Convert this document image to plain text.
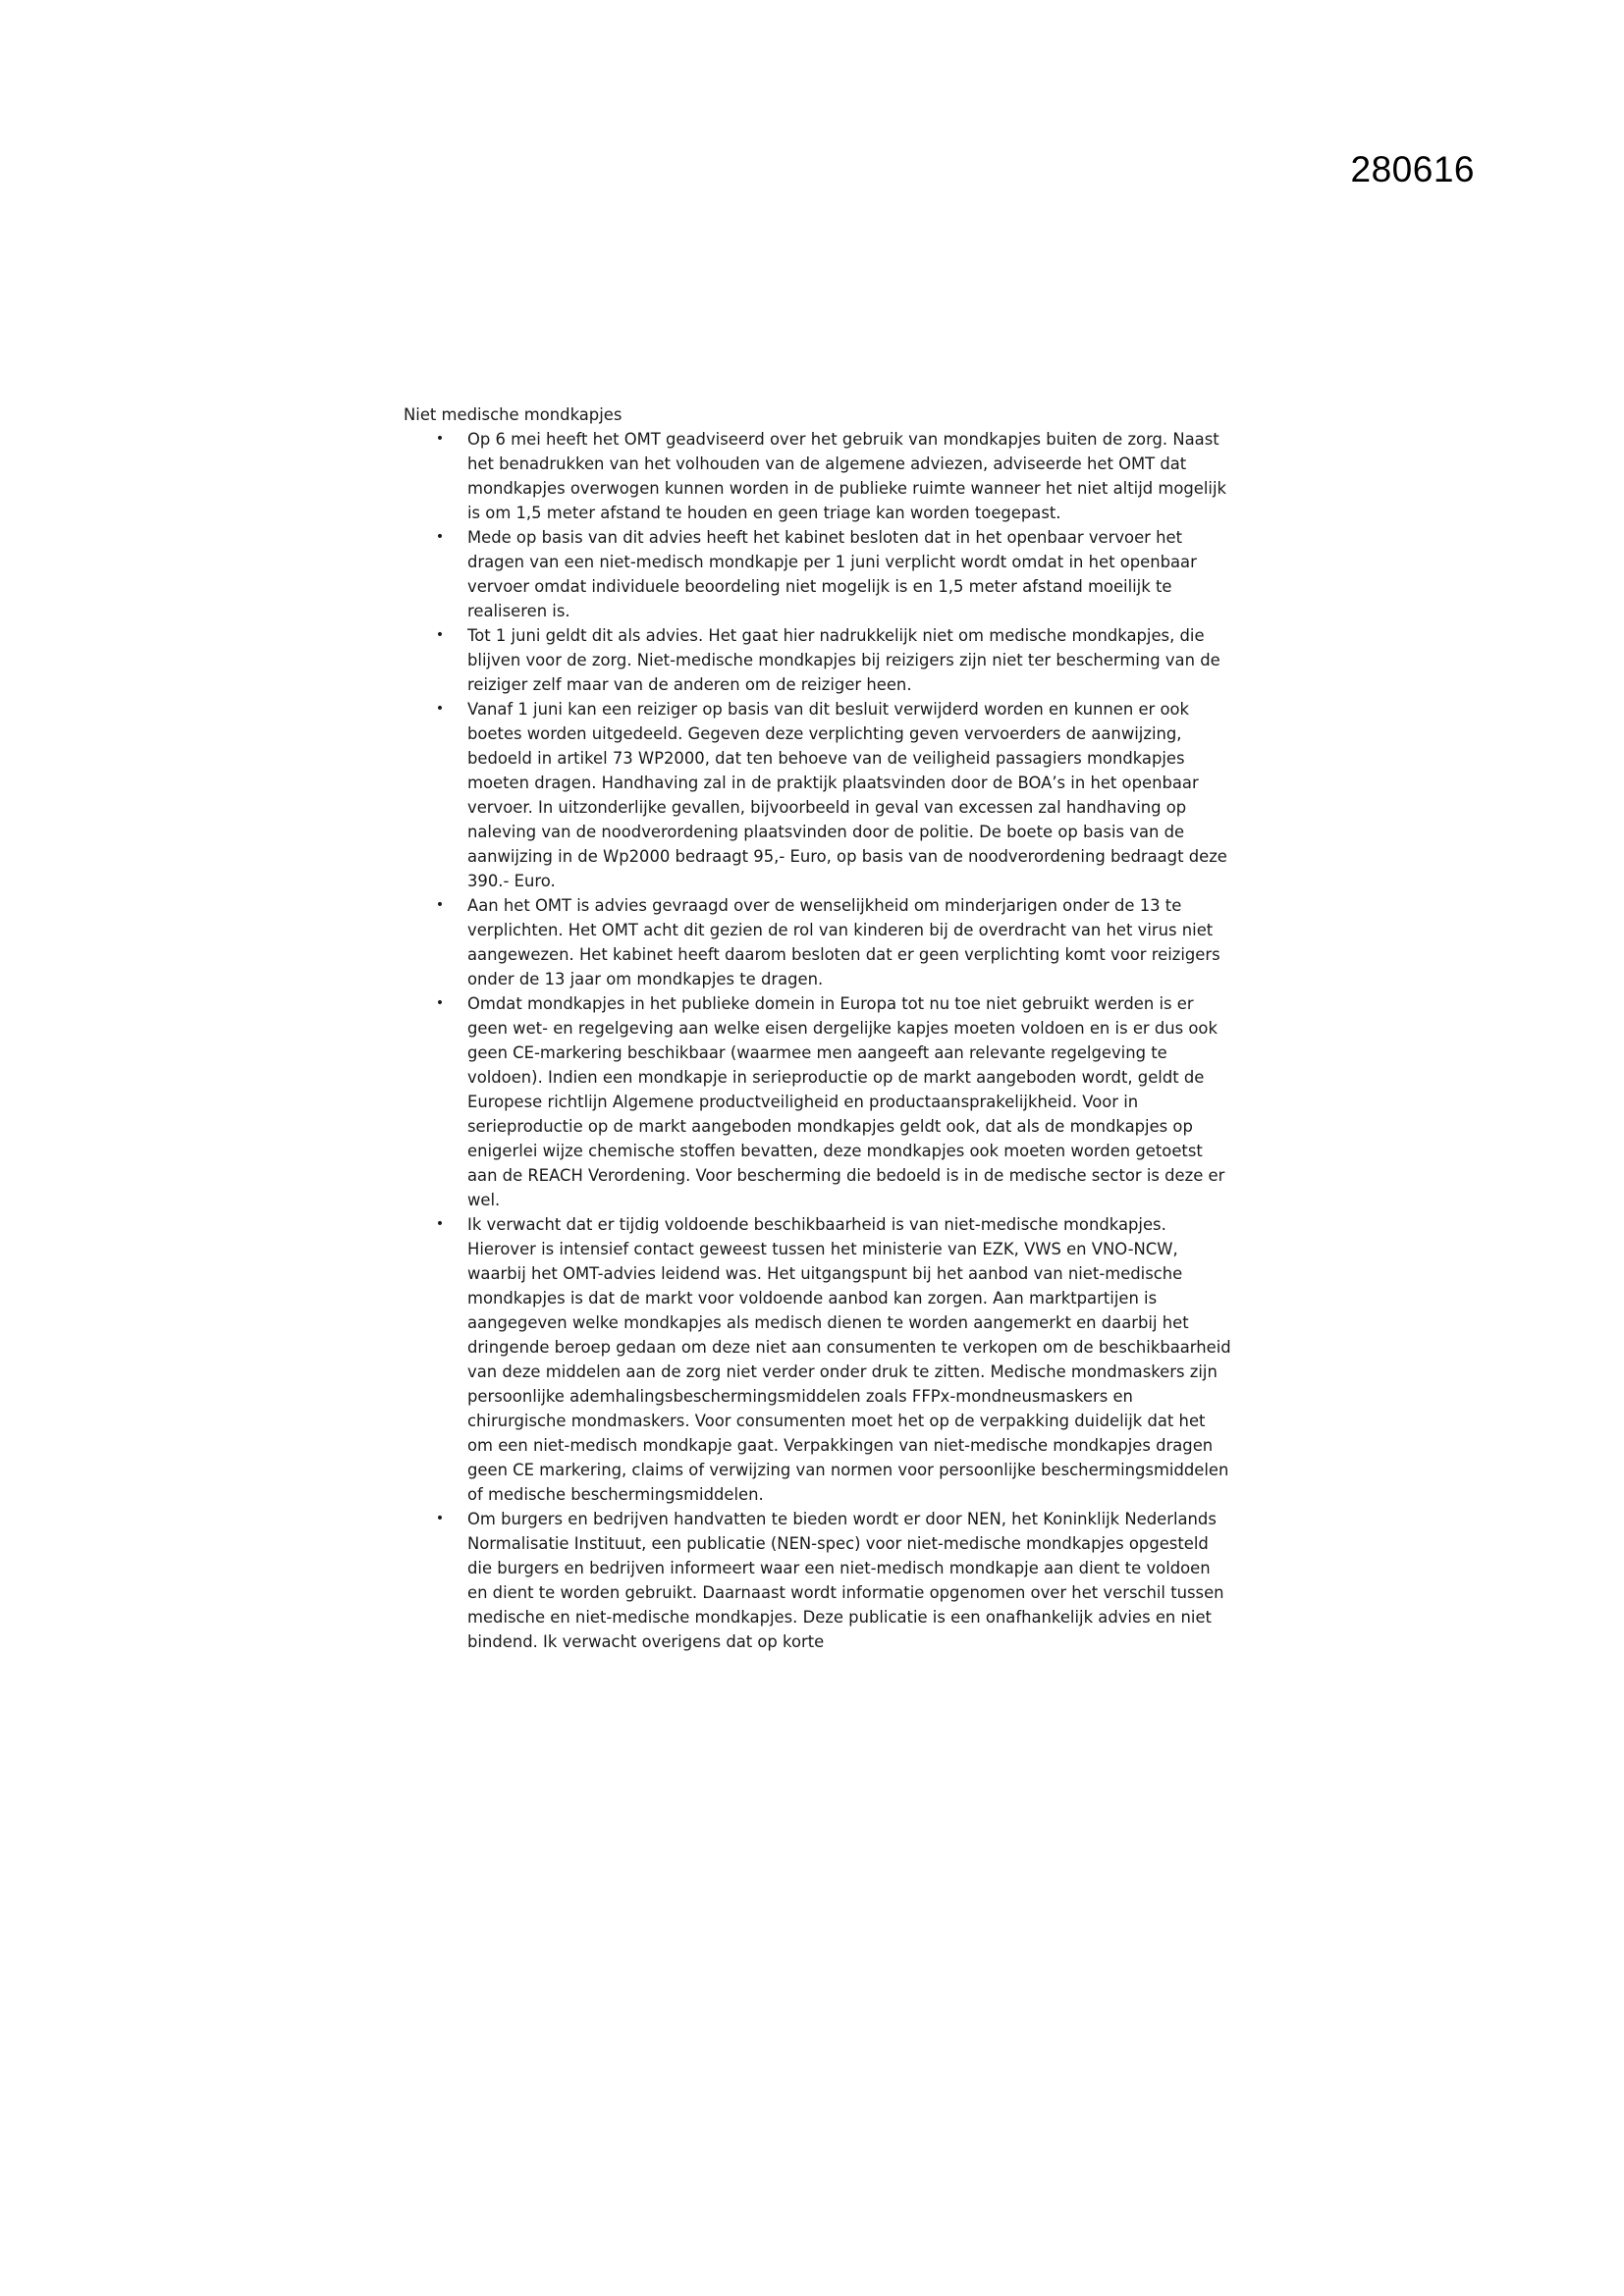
280616
Niet medische mondkapjes
• Op 6 mei heeft het OMT geadviseerd over het gebruik van mondkapjes buiten de zorg. Naast het benadrukken van het volhouden van de algemene adviezen, adviseerde het OMT dat mondkapjes overwogen kunnen worden in de publieke ruimte wanneer het niet altijd mogelijk is om 1,5 meter afstand te houden en geen triage kan worden toegepast.
• Mede op basis van dit advies heeft het kabinet besloten dat in het openbaar vervoer het dragen van een niet-medisch mondkapje per 1 juni verplicht wordt omdat in het openbaar vervoer omdat individuele beoordeling niet mogelijk is en 1,5 meter afstand moeilijk te realiseren is.
• Tot 1 juni geldt dit als advies. Het gaat hier nadrukkelijk niet om medische mondkapjes, die blijven voor de zorg. Niet-medische mondkapjes bij reizigers zijn niet ter bescherming van de reiziger zelf maar van de anderen om de reiziger heen.
• Vanaf 1 juni kan een reiziger op basis van dit besluit verwijderd worden en kunnen er ook boetes worden uitgedeeld. Gegeven deze verplichting geven vervoerders de aanwijzing, bedoeld in artikel 73 WP2000, dat ten behoeve van de veiligheid passagiers mondkapjes moeten dragen. Handhaving zal in de praktijk plaatsvinden door de BOA’s in het openbaar vervoer. In uitzonderlijke gevallen, bijvoorbeeld in geval van excessen zal handhaving op naleving van de noodverordening plaatsvinden door de politie. De boete op basis van de aanwijzing in de Wp2000 bedraagt 95,- Euro, op basis van de noodverordening bedraagt deze 390.- Euro.
• Aan het OMT is advies gevraagd over de wenselijkheid om minderjarigen onder de 13 te verplichten. Het OMT acht dit gezien de rol van kinderen bij de overdracht van het virus niet aangewezen. Het kabinet heeft daarom besloten dat er geen verplichting komt voor reizigers onder de 13 jaar om mondkapjes te dragen.
• Omdat mondkapjes in het publieke domein in Europa tot nu toe niet gebruikt werden is er geen wet- en regelgeving aan welke eisen dergelijke kapjes moeten voldoen en is er dus ook geen CE-markering beschikbaar (waarmee men aangeeft aan relevante regelgeving te voldoen). Indien een mondkapje in serieproductie op de markt aangeboden wordt, geldt de Europese richtlijn Algemene productveiligheid en productaansprakelijkheid. Voor in serieproductie op de markt aangeboden mondkapjes geldt ook, dat als de mondkapjes op enigerlei wijze chemische stoffen bevatten, deze mondkapjes ook moeten worden getoetst aan de REACH Verordening. Voor bescherming die bedoeld is in de medische sector is deze er wel.
• Ik verwacht dat er tijdig voldoende beschikbaarheid is van niet-medische mondkapjes. Hierover is intensief contact geweest tussen het ministerie van EZK, VWS en VNO-NCW, waarbij het OMT-advies leidend was. Het uitgangspunt bij het aanbod van niet-medische mondkapjes is dat de markt voor voldoende aanbod kan zorgen. Aan marktpartijen is aangegeven welke mondkapjes als medisch dienen te worden aangemerkt en daarbij het dringende beroep gedaan om deze niet aan consumenten te verkopen om de beschikbaarheid van deze middelen aan de zorg niet verder onder druk te zitten. Medische mondmaskers zijn persoonlijke ademhalingsbeschermingsmiddelen zoals FFPx-mondneusmaskers en chirurgische mondmaskers. Voor consumenten moet het op de verpakking duidelijk dat het om een niet-medisch mondkapje gaat. Verpakkingen van niet-medische mondkapjes dragen geen CE markering, claims of verwijzing van normen voor persoonlijke beschermingsmiddelen of medische beschermingsmiddelen.
• Om burgers en bedrijven handvatten te bieden wordt er door NEN, het Koninklijk Nederlands Normalisatie Instituut, een publicatie (NEN-spec) voor niet-medische mondkapjes opgesteld die burgers en bedrijven informeert waar een niet-medisch mondkapje aan dient te voldoen en dient te worden gebruikt. Daarnaast wordt informatie opgenomen over het verschil tussen medische en niet-medische mondkapjes. Deze publicatie is een onafhankelijk advies en niet bindend. Ik verwacht overigens dat op korte
